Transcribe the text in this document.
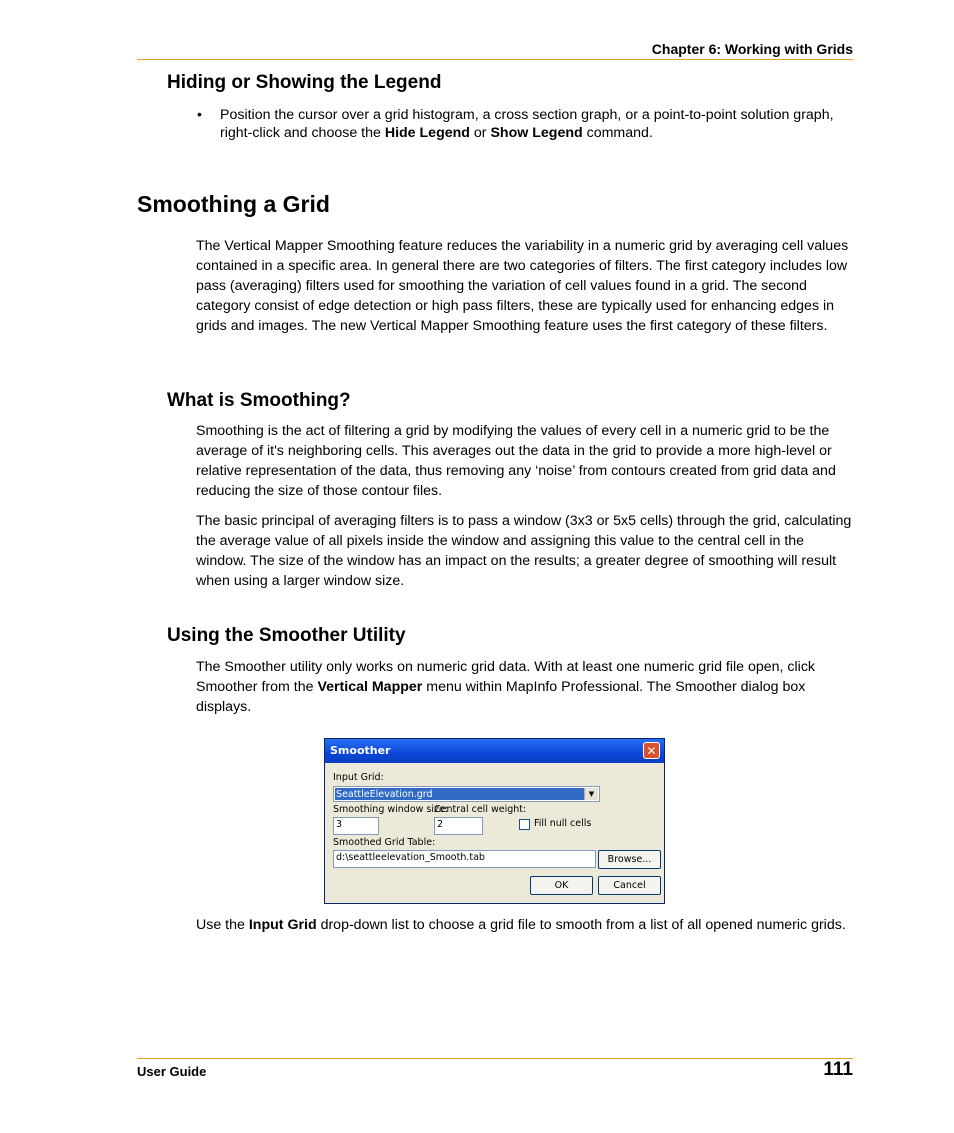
Chapter 6: Working with Grids
Hiding or Showing the Legend
• Position the cursor over a grid histogram, a cross section graph, or a point-to-point solution graph, right-click and choose the Hide Legend or Show Legend command.
Smoothing a Grid
The Vertical Mapper Smoothing feature reduces the variability in a numeric grid by averaging cell values contained in a specific area. In general there are two categories of filters. The first category includes low pass (averaging) filters used for smoothing the variation of cell values found in a grid. The second category consist of edge detection or high pass filters, these are typically used for enhancing edges in grids and images. The new Vertical Mapper Smoothing feature uses the first category of these filters.
What is Smoothing?
Smoothing is the act of filtering a grid by modifying the values of every cell in a numeric grid to be the average of it's neighboring cells. This averages out the data in the grid to provide a more high-level or relative representation of the data, thus removing any ‘noise’ from contours created from grid data and reducing the size of those contour files.
The basic principal of averaging filters is to pass a window (3x3 or 5x5 cells) through the grid, calculating the average value of all pixels inside the window and assigning this value to the central cell in the window. The size of the window has an impact on the results; a greater degree of smoothing will result when using a larger window size.
Using the Smoother Utility
The Smoother utility only works on numeric grid data. With at least one numeric grid file open, click Smoother from the Vertical Mapper menu within MapInfo Professional. The Smoother dialog box displays.
Smoother	✕
Input Grid:
SeattleElevation.grd	▼
Smoothing window size:
Central cell weight:
3	2	Fill null cells
Smoothed Grid Table:
d:\seattleelevation_Smooth.tab	Browse...
OK	Cancel
Use the Input Grid drop-down list to choose a grid file to smooth from a list of all opened numeric grids.
User Guide	111
